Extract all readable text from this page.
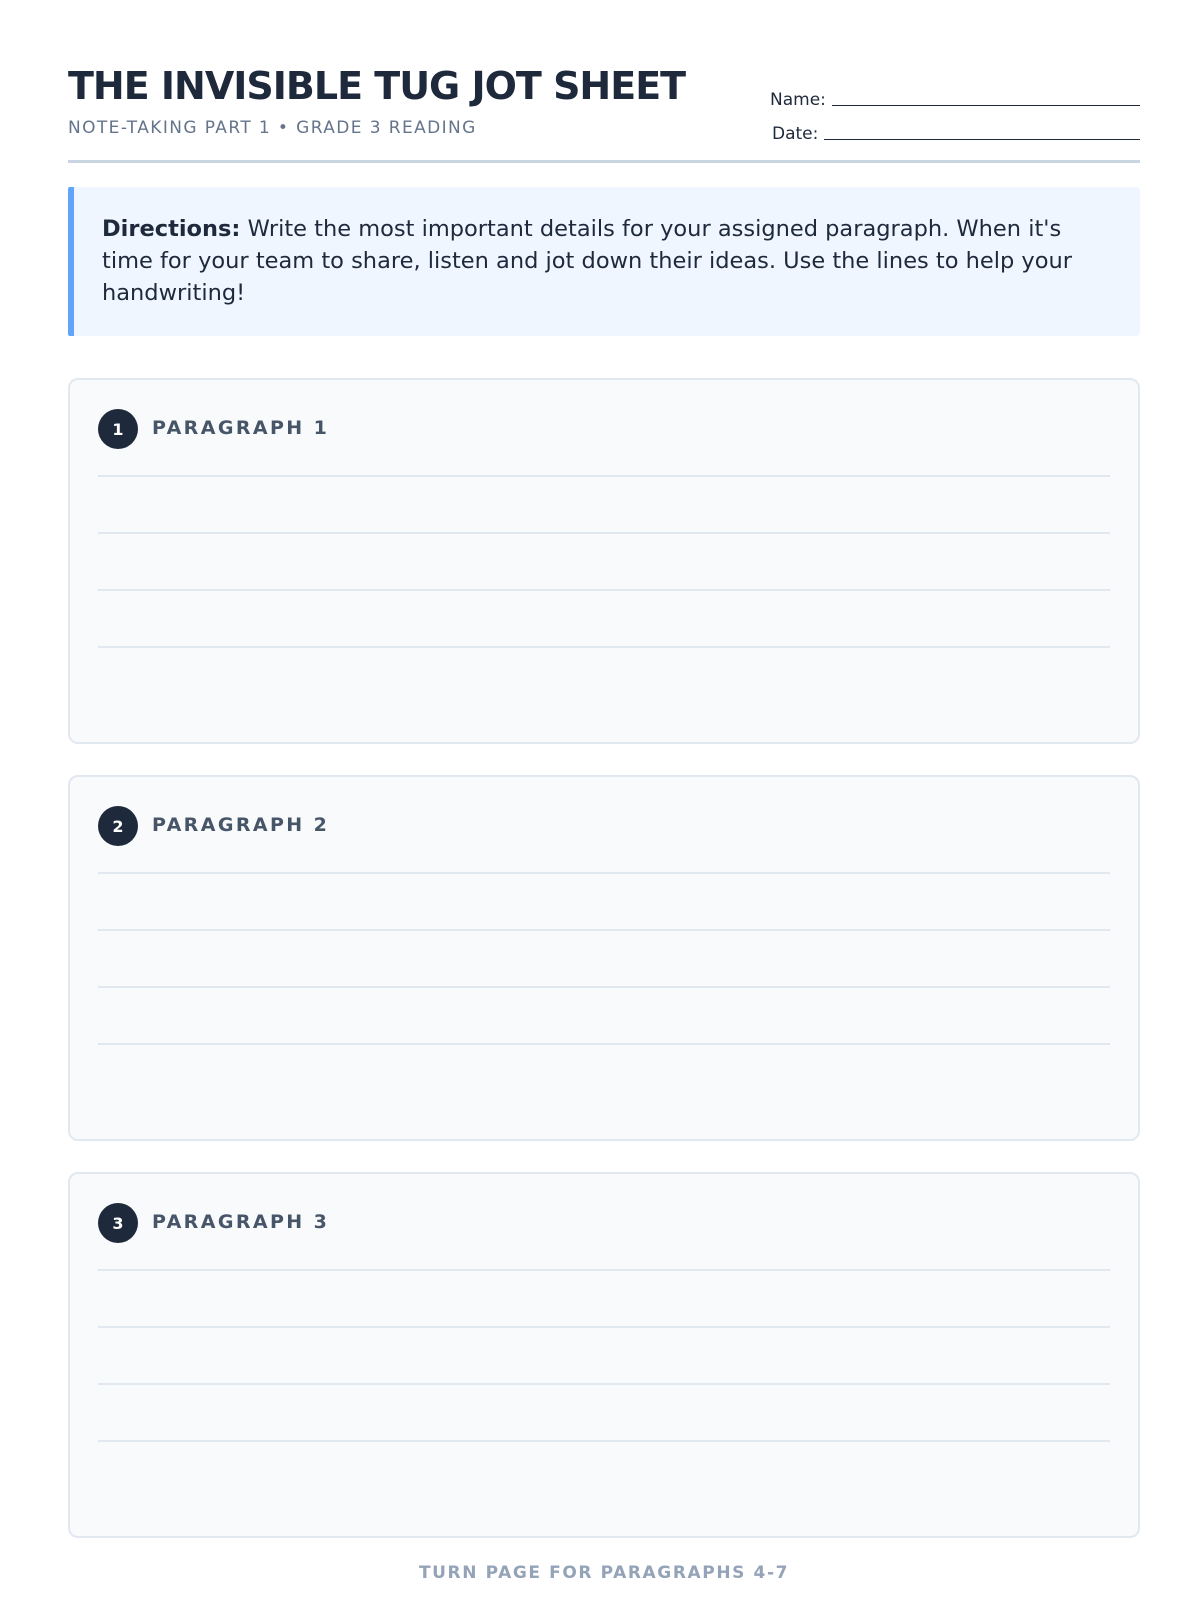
THE INVISIBLE TUG JOT SHEET
NOTE-TAKING PART 1 • GRADE 3 READING
Name:
Date:
Directions: Write the most important details for your assigned paragraph. When it's time for your team to share, listen and jot down their ideas. Use the lines to help your handwriting!
1	PARAGRAPH 1
2	PARAGRAPH 2
3	PARAGRAPH 3
TURN PAGE FOR PARAGRAPHS 4-7
